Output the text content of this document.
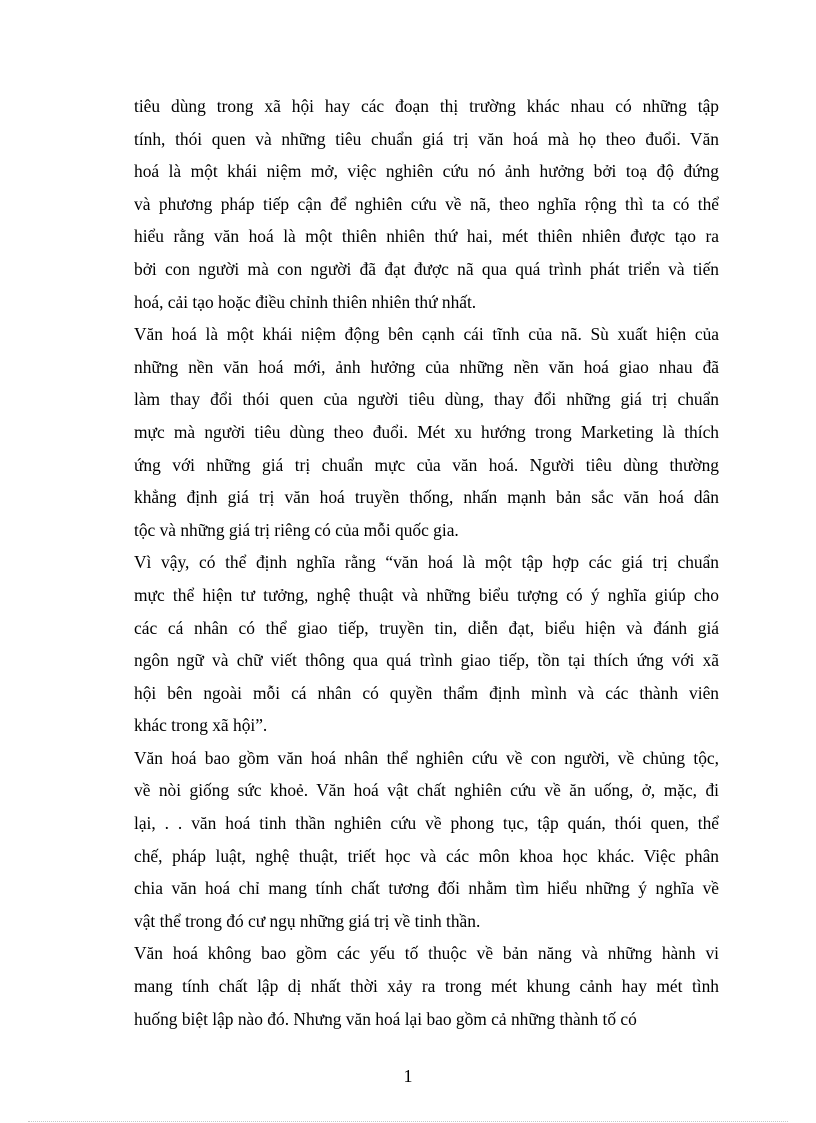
tiêu dùng trong xã hội hay các đoạn thị trường khác nhau có những tập
tính, thói quen và những tiêu chuẩn giá trị văn hoá mà họ theo đuổi. Văn
hoá là một khái niệm mở, việc nghiên cứu nó ảnh hưởng bởi toạ độ đứng
và phương pháp tiếp cận để nghiên cứu về nã, theo nghĩa rộng thì ta có thể
hiểu rằng văn hoá là một thiên nhiên thứ hai, mét thiên nhiên được tạo ra
bởi con người mà con người đã đạt được nã qua quá trình phát triển và tiến
hoá, cải tạo hoặc điều chỉnh thiên nhiên thứ nhất.
Văn hoá là một khái niệm động bên cạnh cái tĩnh của nã. Sù xuất hiện của
những nền văn hoá mới, ảnh hưởng của những nền văn hoá giao nhau đã
làm thay đổi thói quen của người tiêu dùng, thay đổi những giá trị chuẩn
mực mà người tiêu dùng theo đuổi. Mét xu hướng trong Marketing là thích
ứng với những giá trị chuẩn mực của văn hoá. Người tiêu dùng thường
khẳng định giá trị văn hoá truyền thống, nhấn mạnh bản sắc văn hoá dân
tộc và những giá trị riêng có của mỗi quốc gia.
Vì vậy, có thể định nghĩa rằng “văn hoá là một tập hợp các giá trị chuẩn
mực thể hiện tư tưởng, nghệ thuật và những biểu tượng có ý nghĩa giúp cho
các cá nhân có thể giao tiếp, truyền tin, diễn đạt, biểu hiện và đánh giá
ngôn ngữ và chữ viết thông qua quá trình giao tiếp, tồn tại thích ứng với xã
hội bên ngoài mỗi cá nhân có quyền thẩm định mình và các thành viên
khác trong xã hội”.
Văn hoá bao gồm văn hoá nhân thể nghiên cứu về con người, về chủng tộc,
về nòi giống sức khoẻ. Văn hoá vật chất nghiên cứu về ăn uống, ở, mặc, đi
lại, . . văn hoá tinh thần nghiên cứu về phong tục, tập quán, thói quen, thể
chế, pháp luật, nghệ thuật, triết học và các môn khoa học khác. Việc phân
chia văn hoá chỉ mang tính chất tương đối nhằm tìm hiểu những ý nghĩa về
vật thể trong đó cư ngụ những giá trị về tinh thần.
Văn hoá không bao gồm các yếu tố thuộc về bản năng và những hành vi
mang tính chất lập dị nhất thời xảy ra trong mét khung cảnh hay mét tình
huống biệt lập nào đó. Nhưng văn hoá lại bao gồm cả những thành tố có
1
